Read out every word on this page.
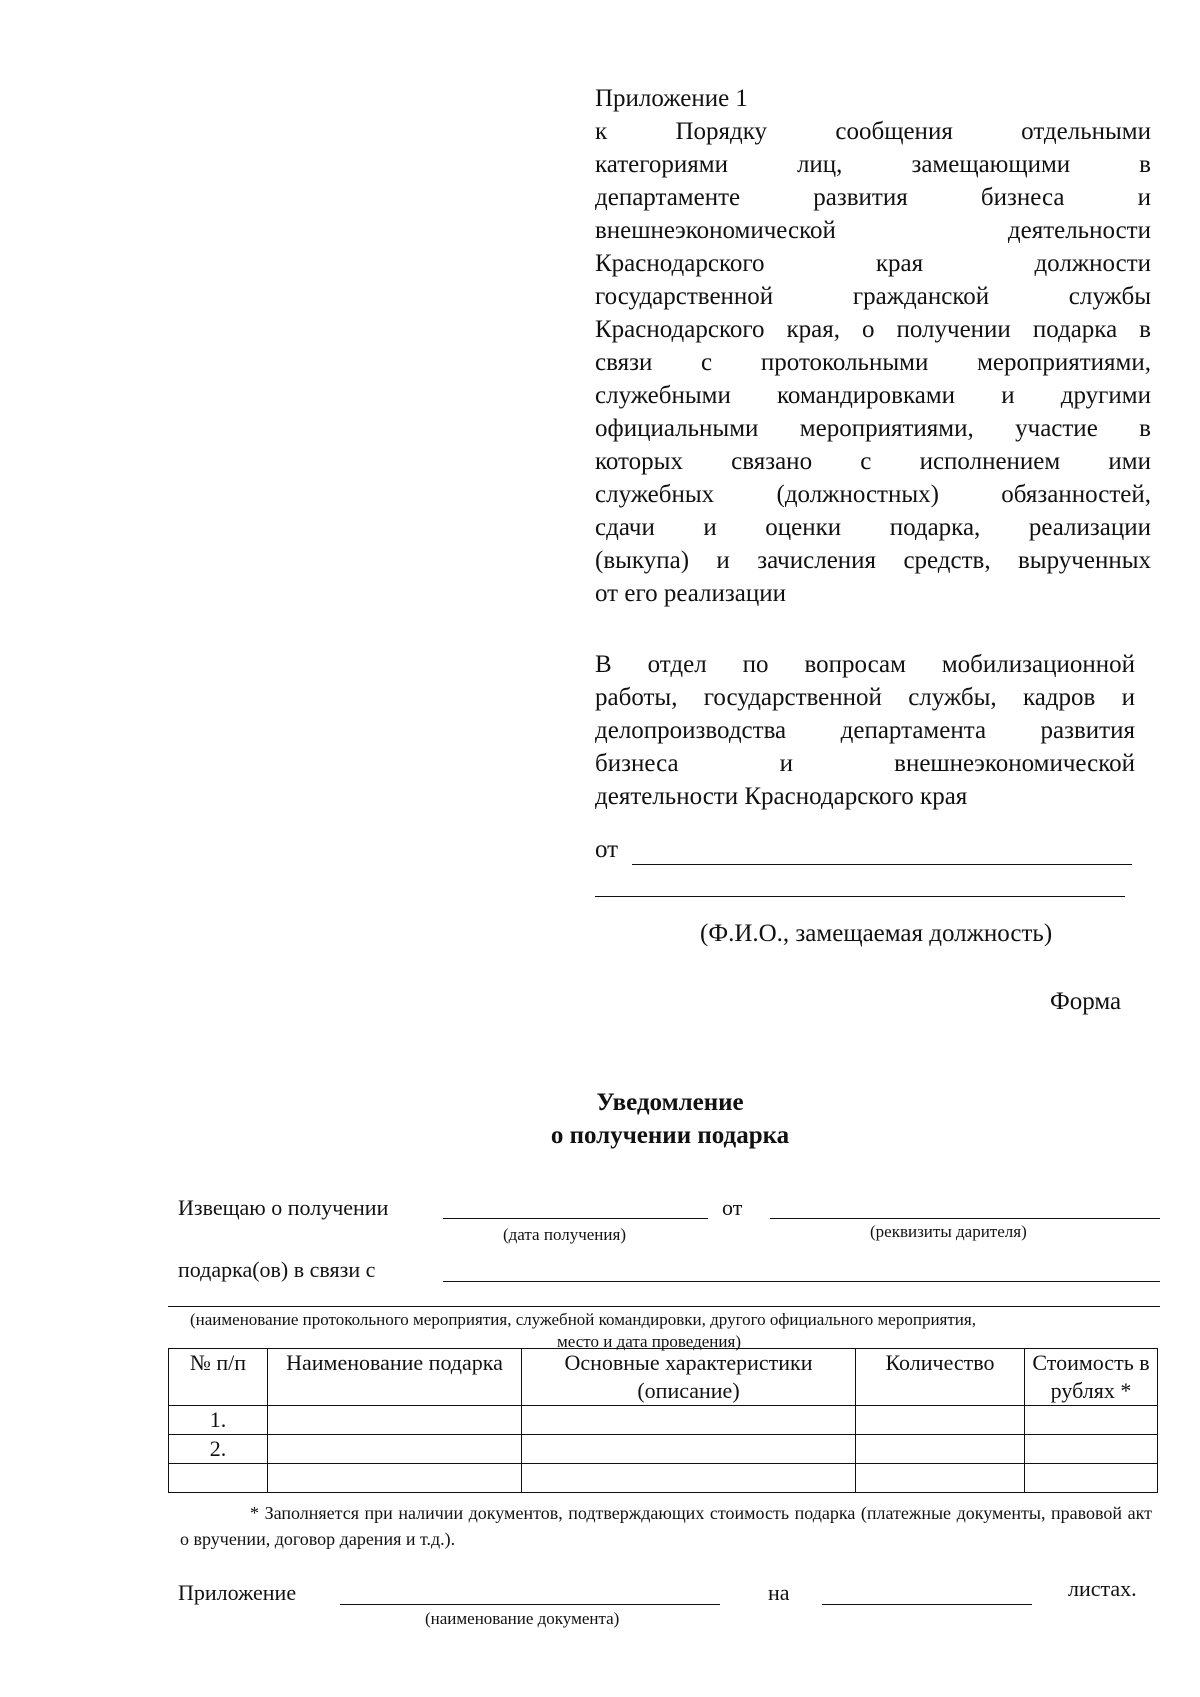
Приложение 1
к Порядку сообщения отдельными
категориями лиц, замещающими в
департаменте развития бизнеса и
внешнеэкономической деятельности
Краснодарского края должности
государственной гражданской службы
Краснодарского края, о получении подарка в
связи с протокольными мероприятиями,
служебными командировками и другими
официальными мероприятиями, участие в
которых связано с исполнением ими
служебных (должностных) обязанностей,
сдачи и оценки подарка, реализации
(выкупа) и зачисления средств, вырученных
от его реализации
В отдел по вопросам мобилизационной
работы, государственной службы, кадров и
делопроизводства департамента развития
бизнеса и внешнеэкономической
деятельности Краснодарского края
от
(Ф.И.О., замещаемая должность)
Форма
Уведомление
о получении подарка
Извещаю о получении	от
(дата получения)	(реквизиты дарителя)
подарка(ов) в связи с
(наименование протокольного мероприятия, служебной командировки, другого официального мероприятия,
место и дата проведения)
№ п/п	Наименование подарка	Основные характеристики (описание)	Количество	Стоимость в рублях *
1.				
2.				

* Заполняется при наличии документов, подтверждающих стоимость подарка (платежные документы, правовой акт о вручении, договор дарения и т.д.).
Приложение	на	листах.
(наименование документа)
